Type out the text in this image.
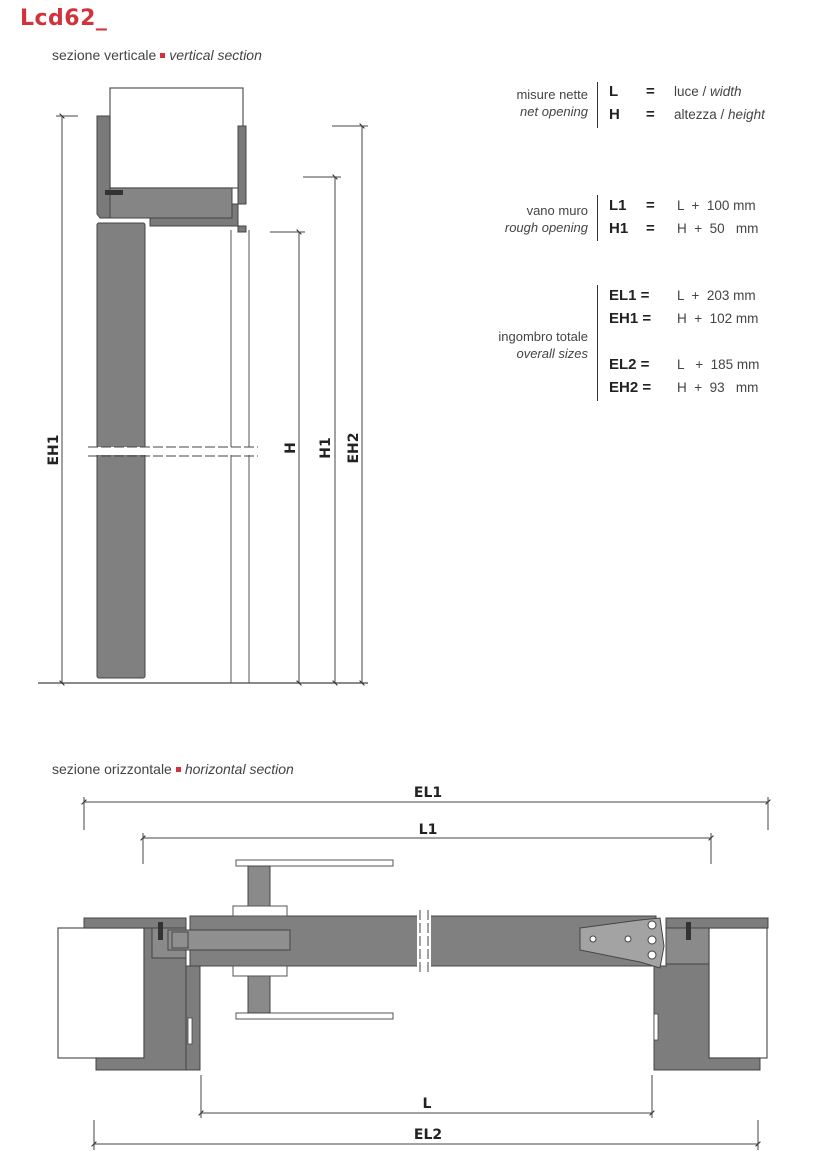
Lcd62_
sezione verticale vertical section
sezione orizzontale horizontal section
misure nette
net opening
L = luce / width
H = altezza / height
vano muro
rough opening
L1 = L  +  100 mm
H1 = H  +  50   mm
ingombro totale
overall sizes
EL1 = L  +  203 mm
EH1 = H  +  102 mm
EL2 = L   +  185 mm
EH2 = H  +  93   mm
EH1	H H1 EH2
EL1
L1
L
EL2
